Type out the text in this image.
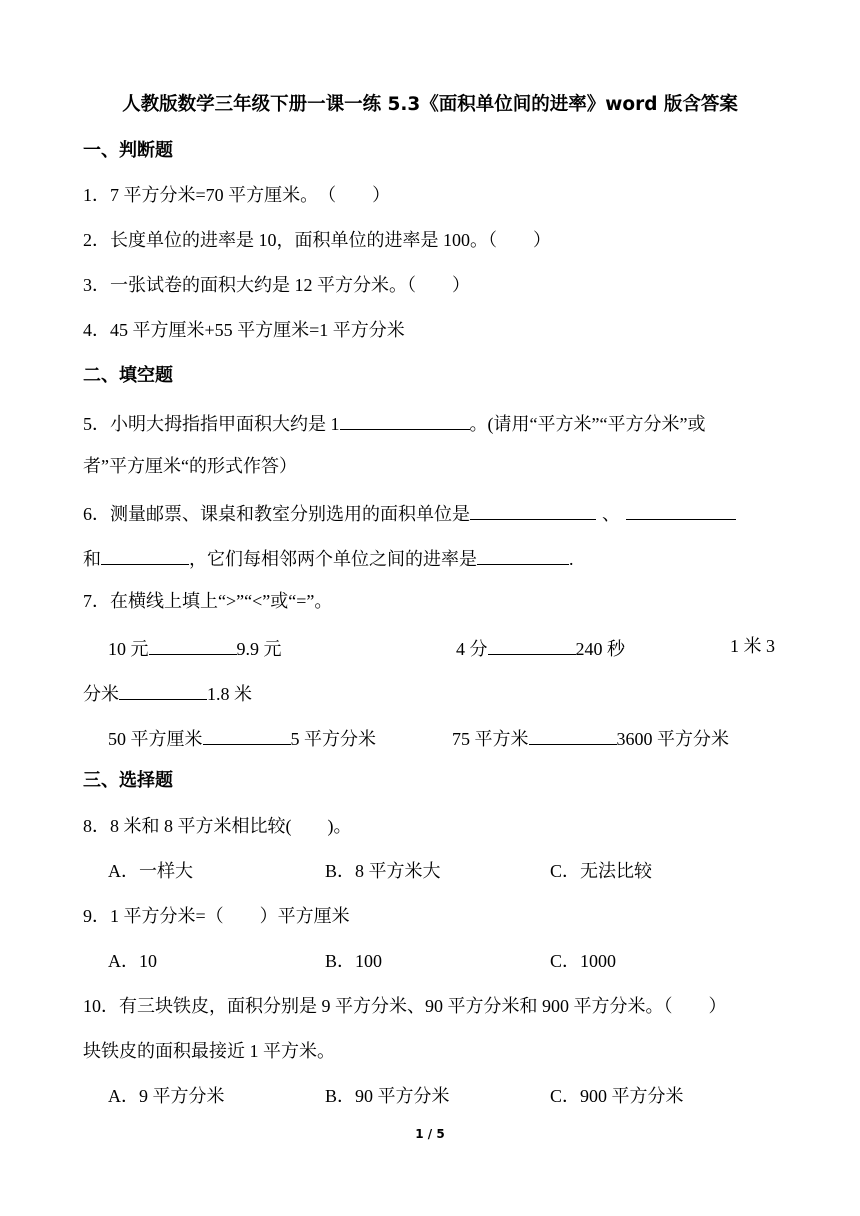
人教版数学三年级下册一课一练 5.3《面积单位间的进率》word 版含答案
一、判断题
1．7 平方分米=70 平方厘米。　（　　）
2．长度单位的进率是 10，面积单位的进率是 100。（　　）
3．一张试卷的面积大约是 12 平方分米。（　　）
4．45 平方厘米+55 平方厘米=1 平方分米
二、填空题
5．小明大拇指指甲面积大约是 1	。(请用“平方米”“平方分米”或
者”平方厘米“的形式作答）
6．测量邮票、课桌和教室分别选用的面积单位是	、
和	，它们每相邻两个单位之间的进率是	.
7．在横线上填上“>”“<”或“=”。
10 元	9.9 元	4 分	240 秒	1 米 3
分米	1.8 米
50 平方厘米	5 平方分米	75 平方米	3600 平方分米
三、选择题
8．8 米和 8 平方米相比较(　　)。
A．一样大	B．8 平方米大	C．无法比较
9．1 平方分米=（　　）平方厘米
A．10	B．100	C．1000
10．有三块铁皮，面积分别是 9 平方分米、90 平方分米和 900 平方分米。（　　）
块铁皮的面积最接近 1 平方米。
A．9 平方分米	B．90 平方分米	C．900 平方分米
1 / 5
